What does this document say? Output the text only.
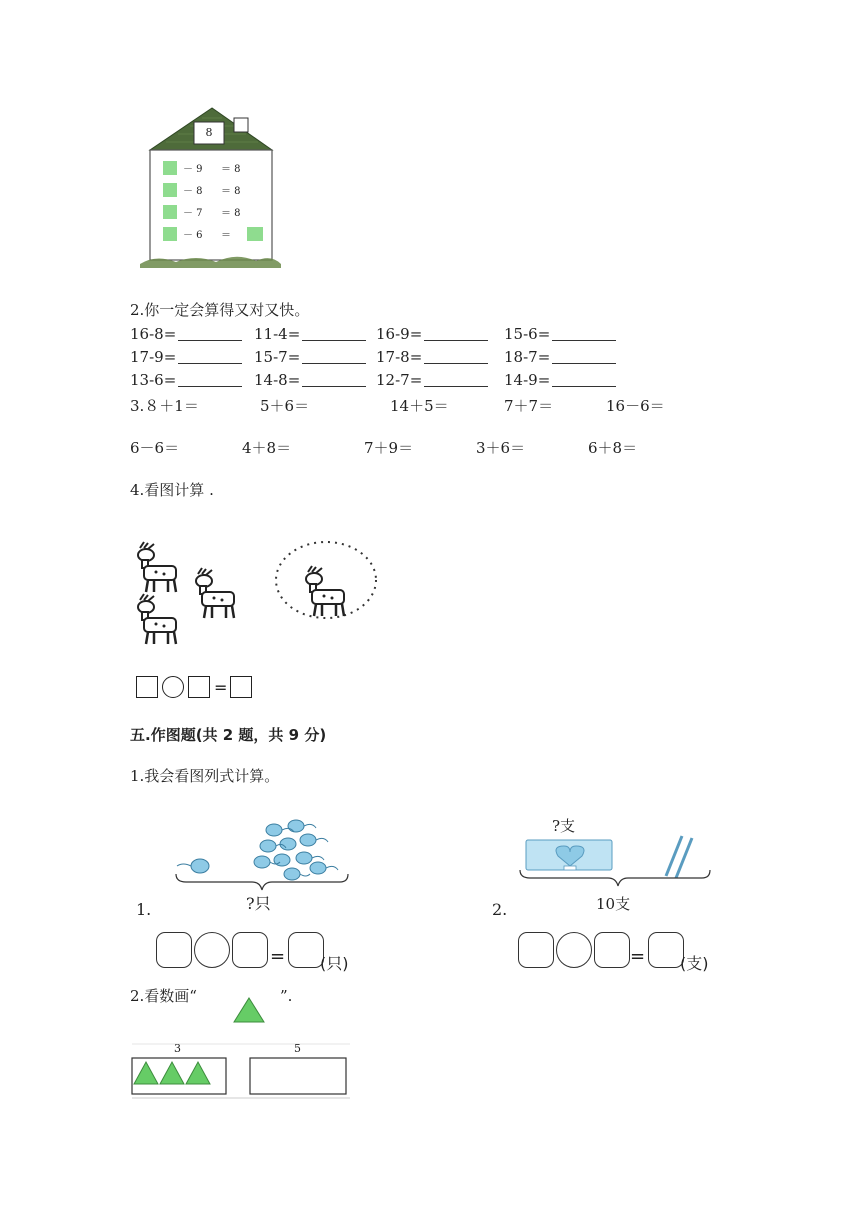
8
－ 9 ＝ 8
－ 8 ＝ 8
－ 7 ＝ 8
－ 6 ＝
2.你一定会算得又对又快。
16-8=	11-4=	16-9=	15-6=
17-9=	15-7=	17-8=	18-7=
13-6=	14-8=	12-7=	14-9=
3.８＋1＝	5＋6＝	14＋5＝	7＋7＝	16－6＝
6－6＝	4＋8＝	7＋9＝	3＋6＝	6＋8＝
4.看图计算 .
=
五.作图题(共 2 题，共 9 分)
1.我会看图列式计算。
1.	?只
= (只)
?支
2.	10支
= (支)
2.看数画“	”.
3	5
